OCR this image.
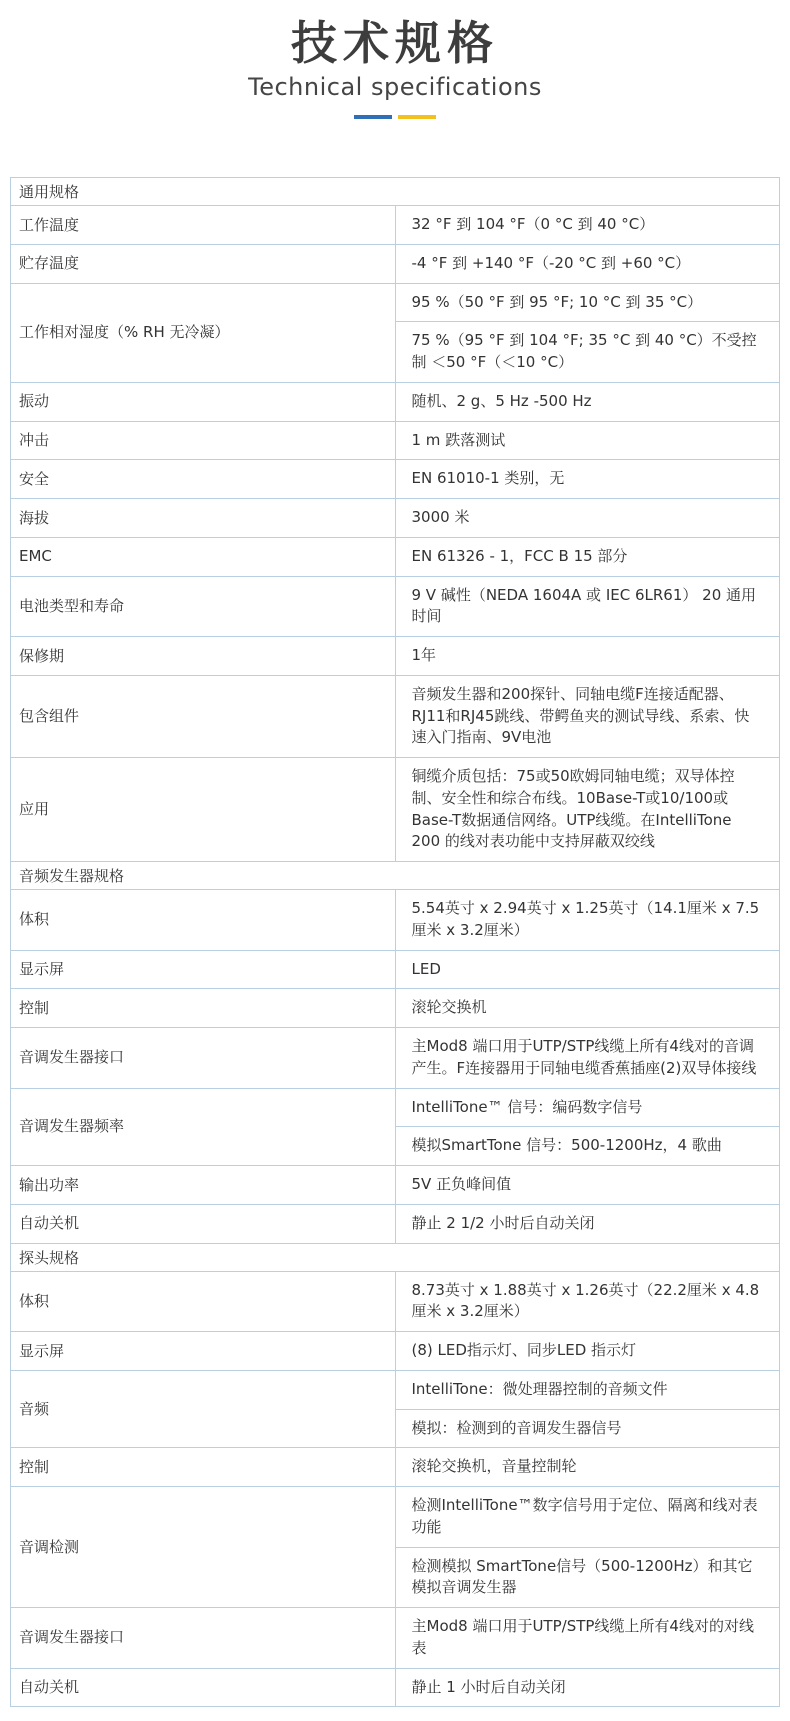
技术规格
Technical specifications
通用规格	
工作温度	32 °F 到 104 °F（0 °C 到 40 °C）
贮存温度	-4 °F 到 +140 °F（-20 °C 到 +60 °C）
工作相对湿度（% RH 无冷凝）	95 %（50 °F 到 95 °F; 10 °C 到 35 °C）
	75 %（95 °F 到 104 °F; 35 °C 到 40 °C）不受控制 ＜50 °F（＜10 °C）
振动	随机、2 g、5 Hz -500 Hz
冲击	1 m 跌落测试
安全	EN 61010-1 类别，无
海拔	3000 米
EMC	EN 61326 - 1，FCC B 15 部分
电池类型和寿命	9 V 碱性（NEDA 1604A 或 IEC 6LR61） 20 通用时间
保修期	1年
包含组件	音频发生器和200探针、同轴电缆F连接适配器、RJ11和RJ45跳线、带鳄鱼夹的测试导线、系索、快速入门指南、9V电池
应用	铜缆介质包括：75或50欧姆同轴电缆；双导体控制、安全性和综合布线。10Base-T或10/100或Base-T数据通信网络。UTP线缆。在IntelliTone 200 的线对表功能中支持屏蔽双绞线
音频发生器规格	
体积	5.54英寸 x 2.94英寸 x 1.25英寸（14.1厘米 x 7.5厘米 x 3.2厘米）
显示屏	LED
控制	滚轮交换机
音调发生器接口	主Mod8 端口用于UTP/STP线缆上所有4线对的音调产生。F连接器用于同轴电缆香蕉插座(2)双导体接线
音调发生器频率	IntelliTone™ 信号：编码数字信号
	模拟SmartTone 信号：500-1200Hz，4 歌曲
输出功率	5V 正负峰间值
自动关机	静止 2 1/2 小时后自动关闭
探头规格	
体积	8.73英寸 x 1.88英寸 x 1.26英寸（22.2厘米 x 4.8厘米 x 3.2厘米）
显示屏	(8) LED指示灯、同步LED 指示灯
音频	IntelliTone：微处理器控制的音频文件
	模拟：检测到的音调发生器信号
控制	滚轮交换机，音量控制轮
音调检测	检测IntelliTone™数字信号用于定位、隔离和线对表功能
	检测模拟 SmartTone信号（500-1200Hz）和其它模拟音调发生器
音调发生器接口	主Mod8 端口用于UTP/STP线缆上所有4线对的对线表
自动关机	静止 1 小时后自动关闭
